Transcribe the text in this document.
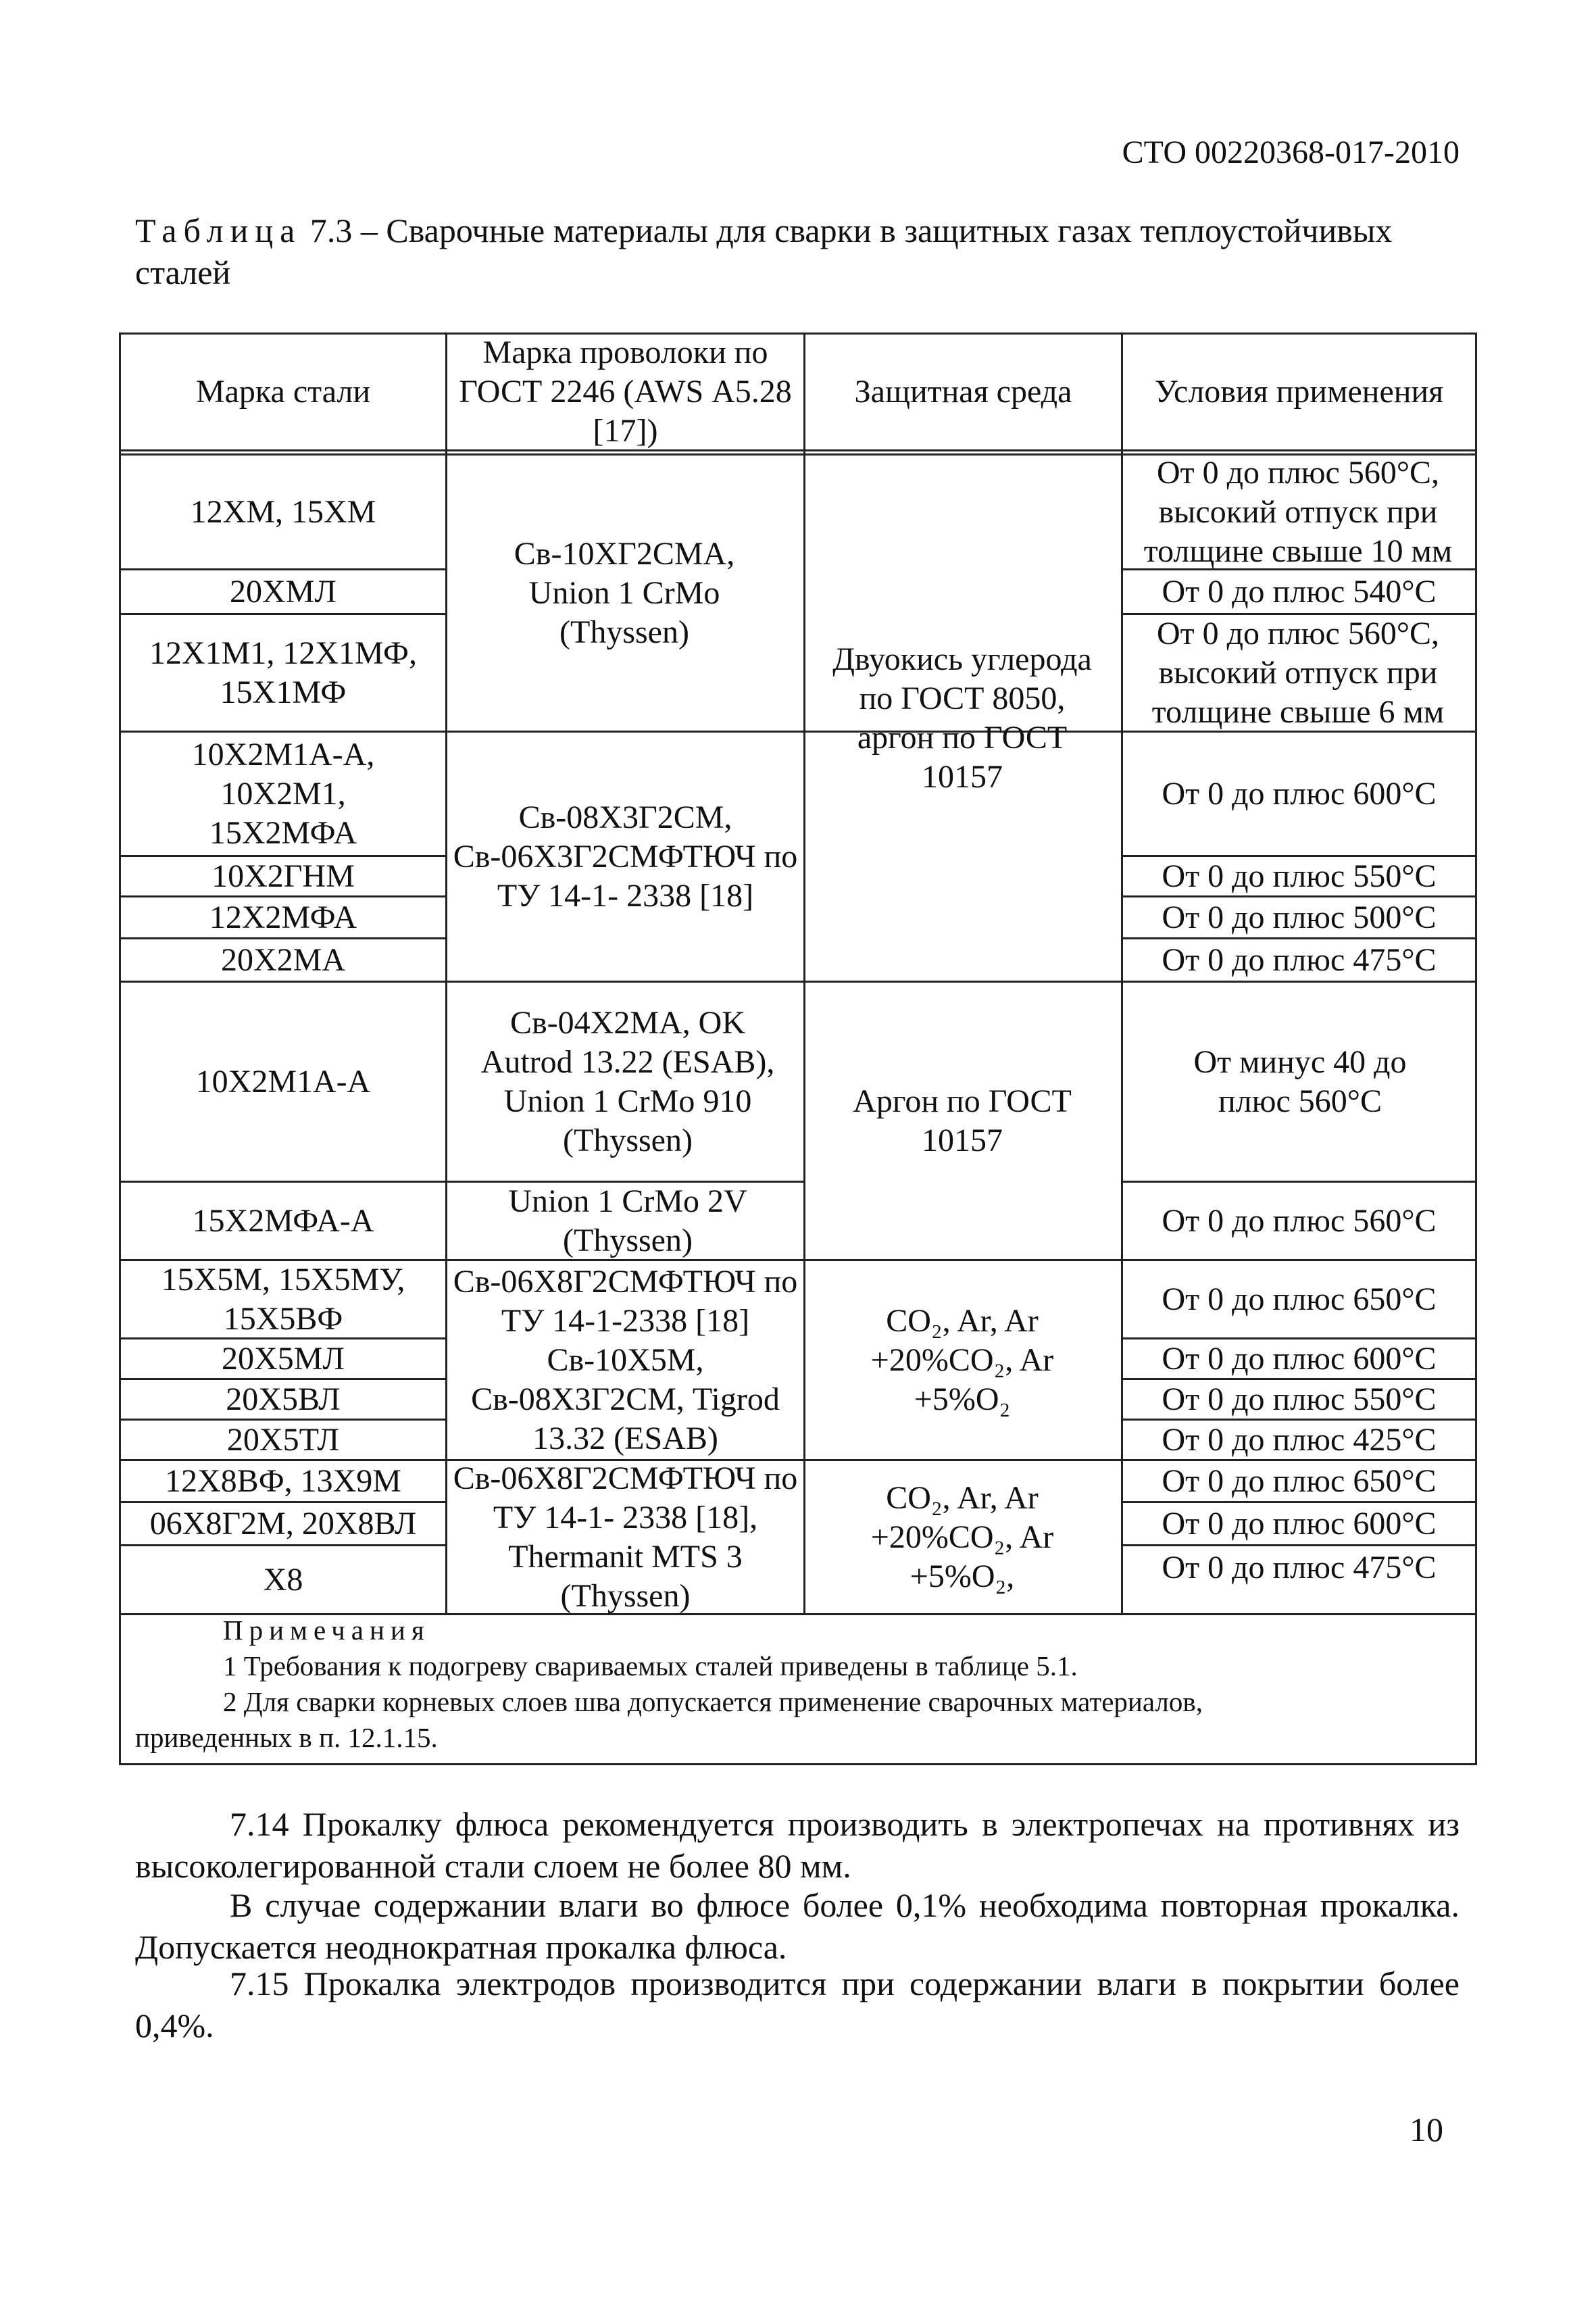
СТО 00220368-017-2010
Таблица 7.3 – Сварочные материалы для сварки в защитных газах теплоустойчивых сталей
Марка стали
Марка проволоки по ГОСТ 2246 (AWS А5.28 [17])
Защитная среда	Условия применения
12ХМ, 15ХМ
20ХМЛ
12Х1М1, 12Х1МФ, 15Х1МФ
10Х2М1А-А, 10Х2М1, 15Х2МФА
10Х2ГНМ
12Х2МФА
20Х2МА
10Х2М1А-А
15Х2МФА-А
15Х5М, 15Х5МУ, 15Х5ВФ
20Х5МЛ
20Х5ВЛ
20Х5ТЛ
12Х8ВФ, 13Х9М
06Х8Г2М, 20Х8ВЛ
Х8
Св-10ХГ2СМА, Union 1 CrMo (Thyssen)
Св-08Х3Г2СМ, Св-06Х3Г2СМФТЮЧ по ТУ 14-1- 2338 [18]
Св-04Х2МА, OK Autrod 13.22 (ESAB), Union 1 CrMo 910 (Thyssen)
Union 1 CrMo 2V (Thyssen)
Св-06Х8Г2СМФТЮЧ по ТУ 14-1-2338 [18] Св-10Х5М, Св-08Х3Г2СМ, Tigrod 13.32 (ESAB)
Св-06Х8Г2СМФТЮЧ по ТУ 14-1- 2338 [18], Thermanit MTS 3 (Thyssen)
Двуокись углерода по ГОСТ 8050, аргон по ГОСТ 10157
Аргон по ГОСТ 10157
CO₂, Ar, Ar +20%CO₂, Ar +5%O₂
CO₂, Ar, Ar +20%CO₂, Ar +5%O₂,
От 0 до плюс 560°С, высокий отпуск при толщине свыше 10 мм
От 0 до плюс 540°С
От 0 до плюс 560°С, высокий отпуск при толщине свыше 6 мм
От 0 до плюс 600°С
От 0 до плюс 550°С
От 0 до плюс 500°С
От 0 до плюс 475°С
От минус 40 до плюс 560°С
От 0 до плюс 560°С
От 0 до плюс 650°С
От 0 до плюс 600°С
От 0 до плюс 550°С
От 0 до плюс 425°С
От 0 до плюс 650°С
От 0 до плюс 600°С
От 0 до плюс 475°С
Примечания
1 Требования к подогреву свариваемых сталей приведены в таблице 5.1.
2 Для сварки корневых слоев шва допускается применение сварочных материалов,
приведенных в п. 12.1.15.
7.14 Прокалку флюса рекомендуется производить в электропечах на противнях из высоколегированной стали слоем не более 80 мм.
В случае содержании влаги во флюсе более 0,1% необходима повторная прокалка. Допускается неоднократная прокалка флюса.
7.15 Прокалка электродов производится при содержании влаги в покрытии более 0,4%.
10
